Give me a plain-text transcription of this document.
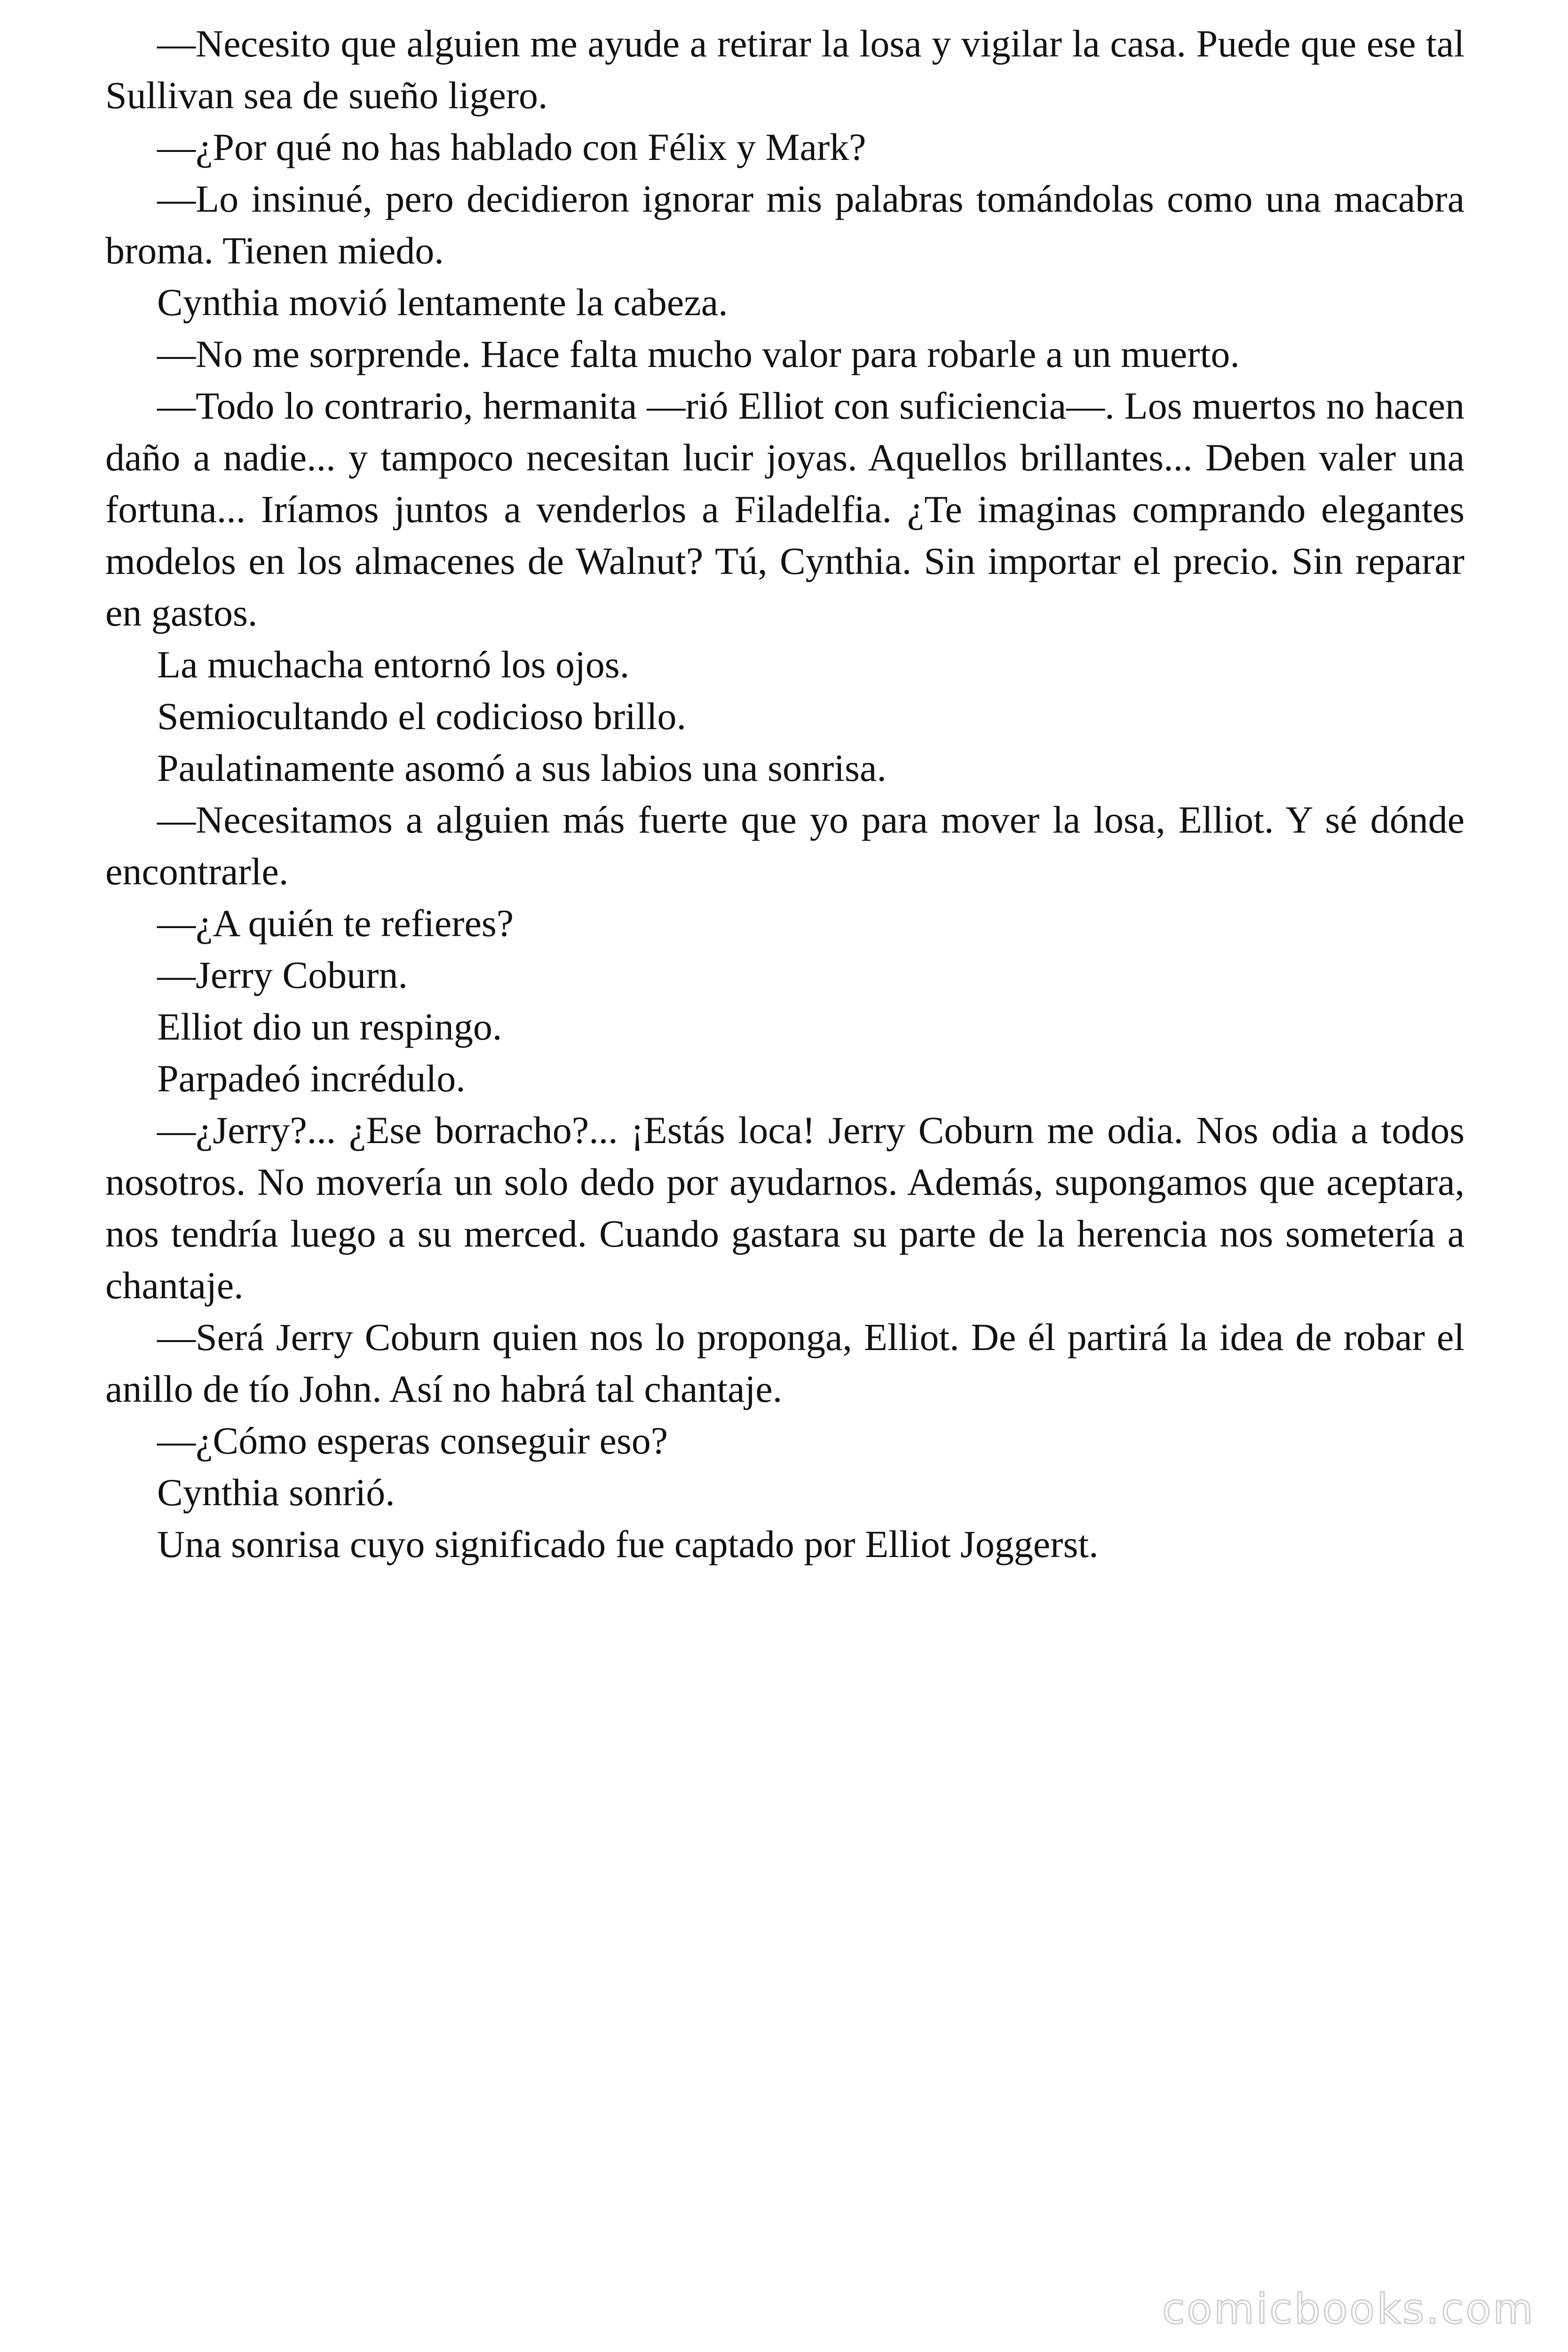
—Necesito que alguien me ayude a retirar la losa y vigilar la casa. Puede que ese tal Sullivan sea de sueño ligero.

—¿Por qué no has hablado con Félix y Mark?

—Lo insinué, pero decidieron ignorar mis palabras tomándolas como una macabra broma. Tienen miedo.

Cynthia movió lentamente la cabeza.

—No me sorprende. Hace falta mucho valor para robarle a un muerto.

—Todo lo contrario, hermanita —rió Elliot con suficiencia—. Los muertos no hacen daño a nadie... y tampoco necesitan lucir joyas. Aquellos brillantes... Deben valer una fortuna... Iríamos juntos a venderlos a Filadelfia. ¿Te imaginas comprando elegantes modelos en los almacenes de Walnut? Tú, Cynthia. Sin importar el precio. Sin reparar en gastos.

La muchacha entornó los ojos.

Semiocultando el codicioso brillo.

Paulatinamente asomó a sus labios una sonrisa.

—Necesitamos a alguien más fuerte que yo para mover la losa, Elliot. Y sé dónde encontrarle.

—¿A quién te refieres?

—Jerry Coburn.

Elliot dio un respingo.

Parpadeó incrédulo.

—¿Jerry?... ¿Ese borracho?... ¡Estás loca! Jerry Coburn me odia. Nos odia a todos nosotros. No movería un solo dedo por ayudarnos. Además, supongamos que aceptara, nos tendría luego a su merced. Cuando gastara su parte de la herencia nos sometería a chantaje.

—Será Jerry Coburn quien nos lo proponga, Elliot. De él partirá la idea de robar el anillo de tío John. Así no habrá tal chantaje.

—¿Cómo esperas conseguir eso?

Cynthia sonrió.

Una sonrisa cuyo significado fue captado por Elliot Joggerst.

comicbooks.com
